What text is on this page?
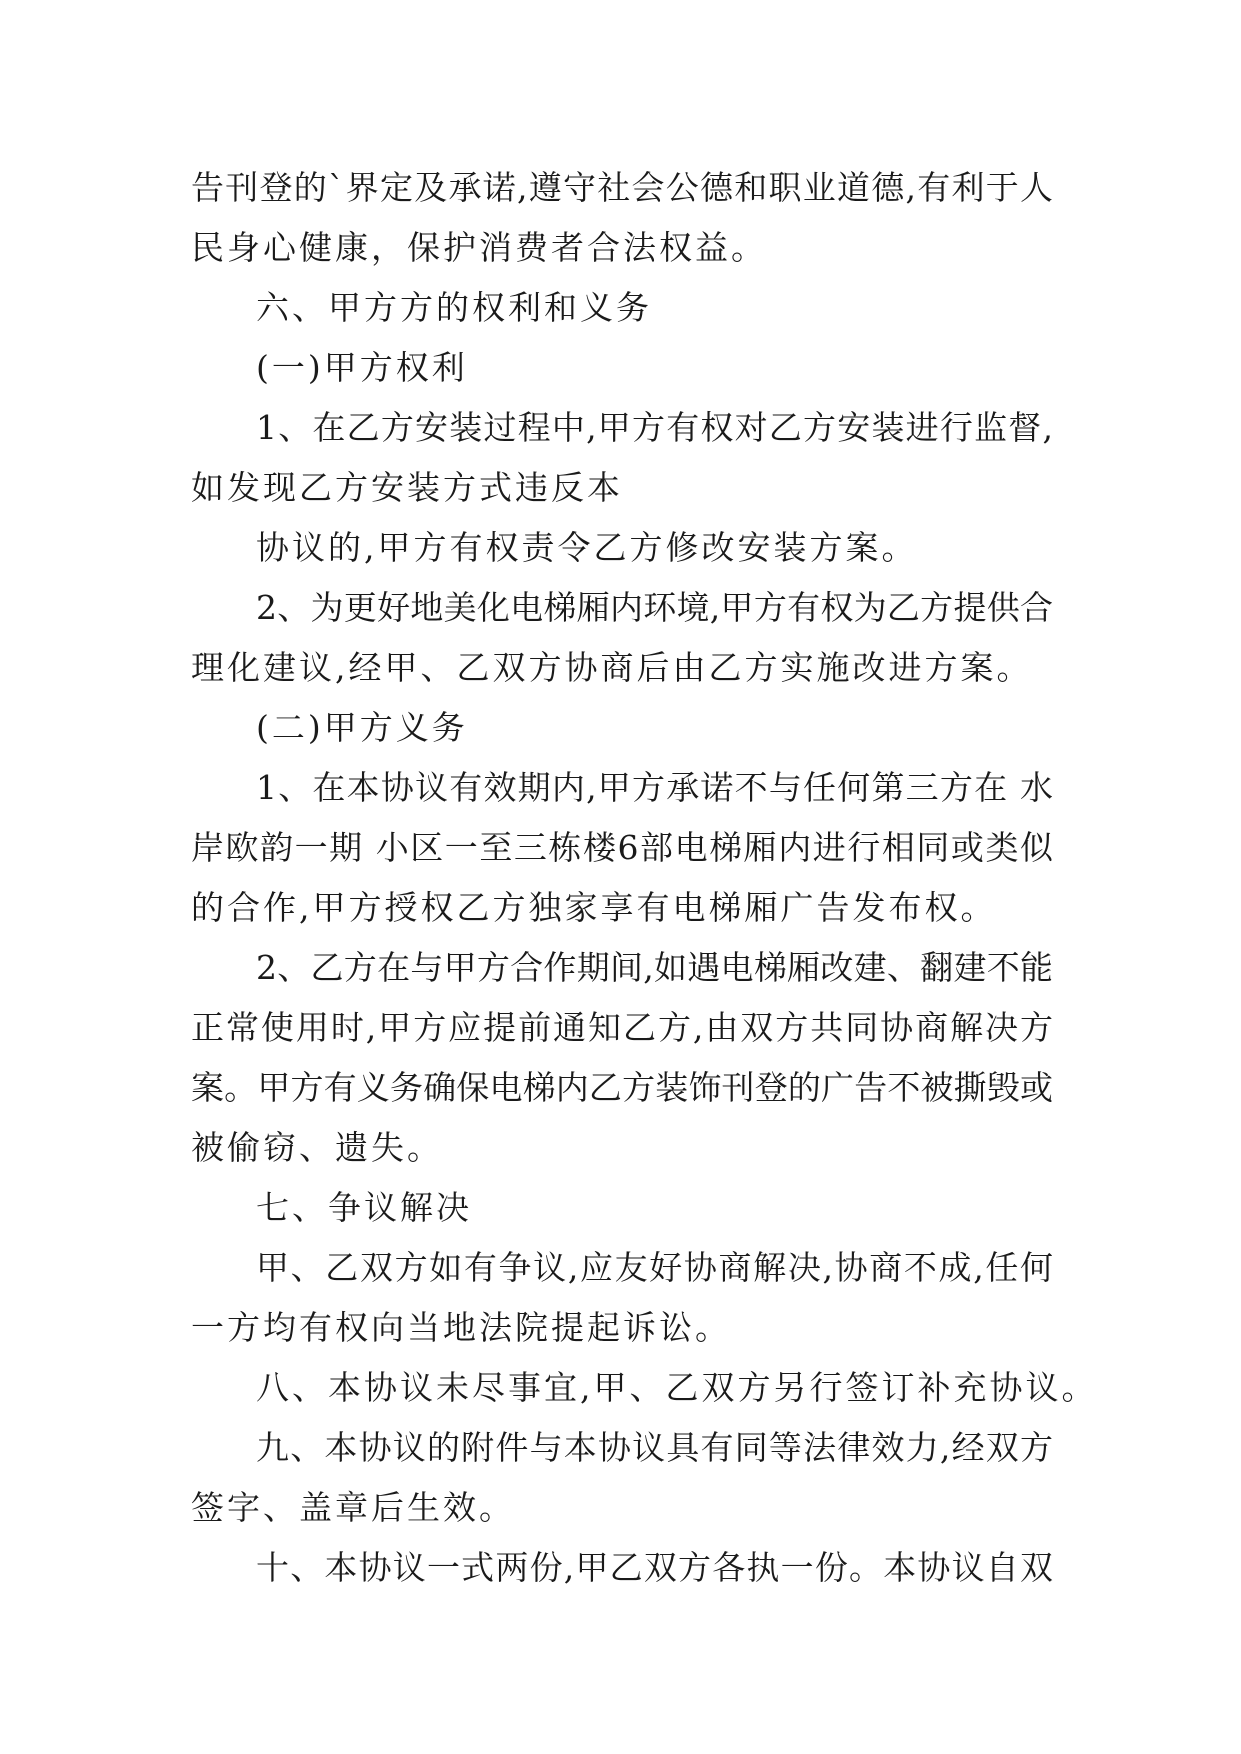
告刊登的`界定及承诺,遵守社会公德和职业道德,有利于人
民身心健康，保护消费者合法权益。
六、甲方方的权利和义务
(一)甲方权利
1、在乙方安装过程中,甲方有权对乙方安装进行监督,
如发现乙方安装方式违反本
协议的,甲方有权责令乙方修改安装方案。
2、为更好地美化电梯厢内环境,甲方有权为乙方提供合
理化建议,经甲、乙双方协商后由乙方实施改进方案。
(二)甲方义务
1、在本协议有效期内,甲方承诺不与任何第三方在 水
岸欧韵一期 小区一至三栋楼6部电梯厢内进行相同或类似
的合作,甲方授权乙方独家享有电梯厢广告发布权。
2、乙方在与甲方合作期间,如遇电梯厢改建、翻建不能
正常使用时,甲方应提前通知乙方,由双方共同协商解决方
案。甲方有义务确保电梯内乙方装饰刊登的广告不被撕毁或
被偷窃、遗失。
七、争议解决
甲、乙双方如有争议,应友好协商解决,协商不成,任何
一方均有权向当地法院提起诉讼。
八、本协议未尽事宜,甲、乙双方另行签订补充协议。
九、本协议的附件与本协议具有同等法律效力,经双方
签字、盖章后生效。
十、本协议一式两份,甲乙双方各执一份。本协议自双
